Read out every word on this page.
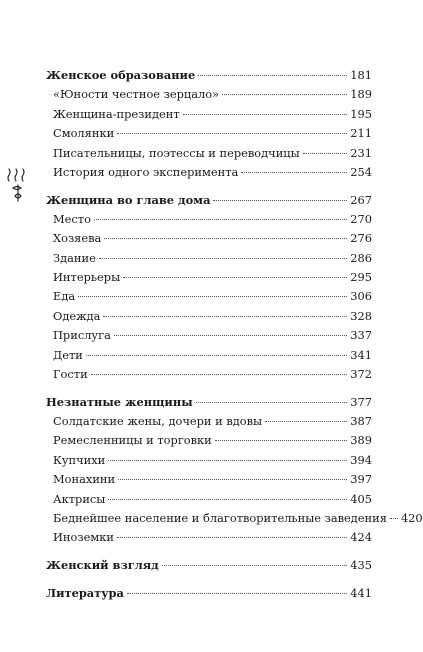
Женское образование	181
«Юности честное зерцало»	189
Женщина-президент	195
Смолянки	211
Писательницы, поэтессы и переводчицы	231
История одного эксперимента	254
Женщина во главе дома	267
Место	270
Хозяева	276
Здание	286
Интерьеры	295
Еда	306
Одежда	328
Прислуга	337
Дети	341
Гости	372
Незнатные женщины	377
Солдатские жены, дочери и вдовы	387
Ремесленницы и торговки	389
Купчихи	394
Монахини	397
Актрисы	405
Беднейшее население и благотворительные заведения 420
Иноземки	424
Женский взгляд	435
Литература	441
